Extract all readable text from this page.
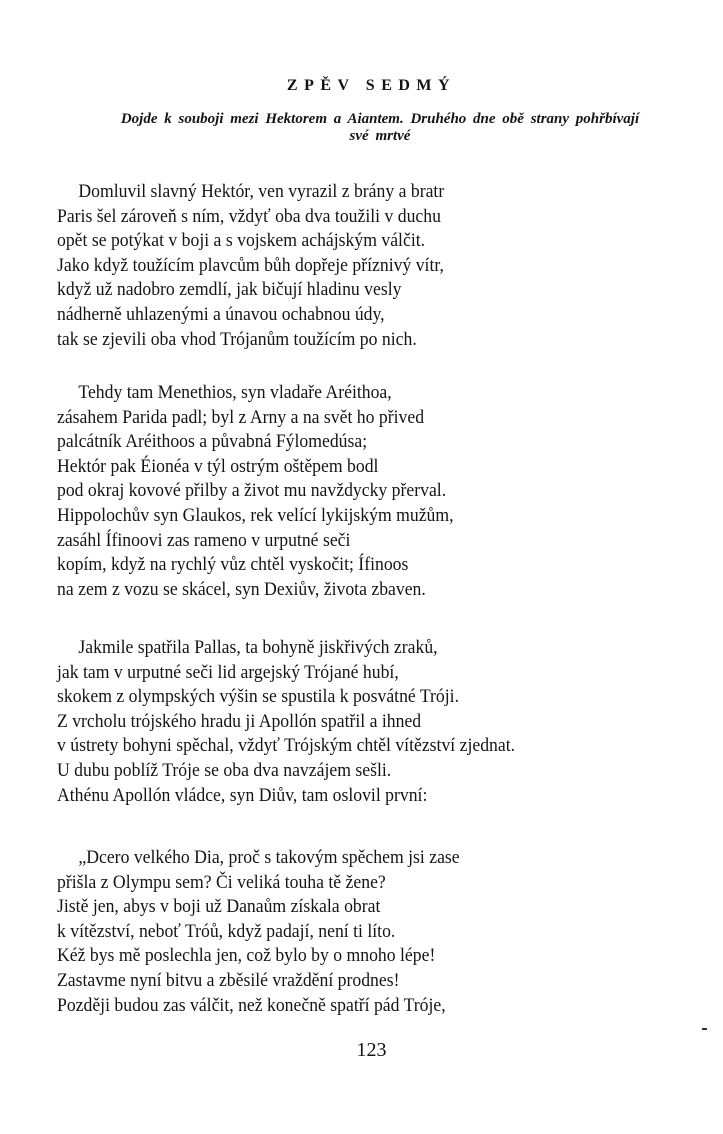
ZPĚV SEDMÝ
Dojde k souboji mezi Hektorem a Aiantem. Druhého dne obě strany pohřbívají
své mrtvé
Domluvil slavný Hektór, ven vyrazil z brány a bratr
Paris šel zároveň s ním, vždyť oba dva toužili v duchu
opět se potýkat v boji a s vojskem achájským válčit.
Jako když toužícím plavcům bůh dopřeje příznivý vítr,
když už nadobro zemdlí, jak bičují hladinu vesly
nádherně uhlazenými a únavou ochabnou údy,
tak se zjevili oba vhod Trójanům toužícím po nich.
Tehdy tam Menethios, syn vladaře Aréithoa,
zásahem Parida padl; byl z Arny a na svět ho přived
palcátník Aréithoos a půvabná Fýlomedúsa;
Hektór pak Éionéa v týl ostrým oštěpem bodl
pod okraj kovové přilby a život mu navždycky přerval.
Hippolochův syn Glaukos, rek velící lykijským mužům,
zasáhl Ífinoovi zas rameno v urputné seči
kopím, když na rychlý vůz chtěl vyskočit; Ífinoos
na zem z vozu se skácel, syn Dexiův, života zbaven.
Jakmile spatřila Pallas, ta bohyně jiskřivých zraků,
jak tam v urputné seči lid argejský Trójané hubí,
skokem z olympských výšin se spustila k posvátné Tróji.
Z vrcholu trójského hradu ji Apollón spatřil a ihned
v ústrety bohyni spěchal, vždyť Trójským chtěl vítězství zjednat.
U dubu poblíž Tróje se oba dva navzájem sešli.
Athénu Apollón vládce, syn Diův, tam oslovil první:
„Dcero velkého Dia, proč s takovým spěchem jsi zase
přišla z Olympu sem? Či veliká touha tě žene?
Jistě jen, abys v boji už Danaům získala obrat
k vítězství, neboť Tróů, když padají, není ti líto.
Kéž bys mě poslechla jen, což bylo by o mnoho lépe!
Zastavme nyní bitvu a zběsilé vraždění prodnes!
Později budou zas válčit, než konečně spatří pád Tróje,
123
